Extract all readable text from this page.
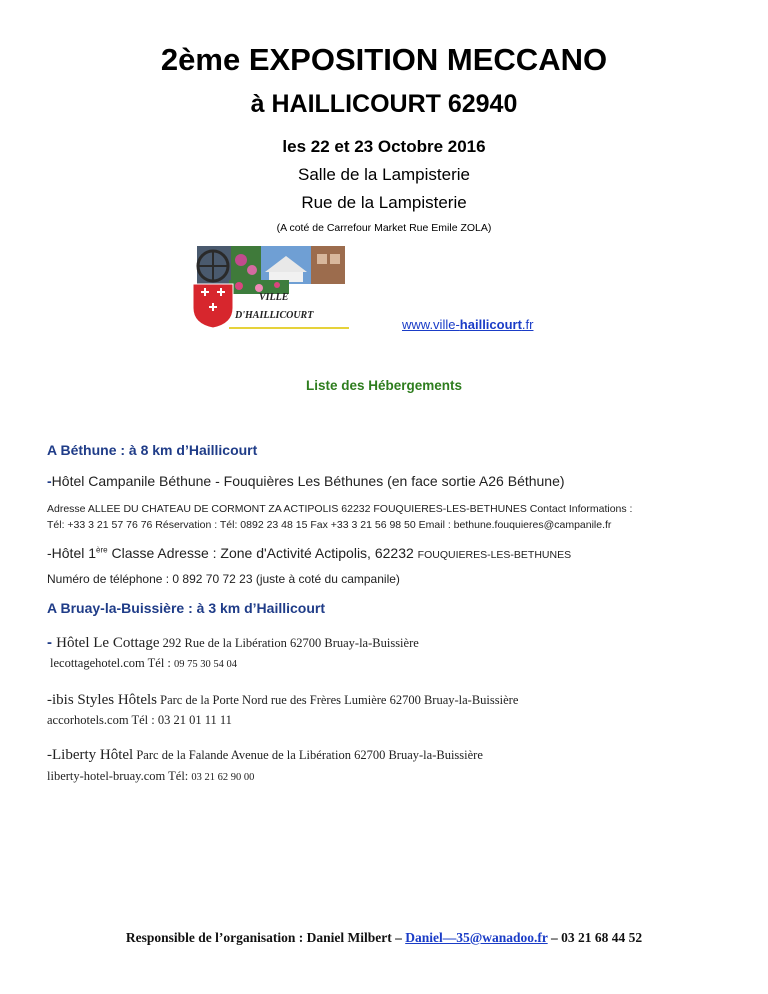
2ème EXPOSITION MECCANO
à HAILLICOURT 62940
les 22 et 23 Octobre 2016
Salle de la Lampisterie
Rue de la Lampisterie
(A coté de Carrefour Market Rue Emile ZOLA)
VILLE
D'HAILLICOURT
www.ville-haillicourt.fr
Liste des Hébergements
A Béthune : à 8 km d’Haillicourt
-Hôtel Campanile Béthune - Fouquières Les Béthunes (en face sortie A26 Béthune)
Adresse ALLEE DU CHATEAU DE CORMONT ZA ACTIPOLIS 62232 FOUQUIERES-LES-BETHUNES Contact Informations :
Tél: +33 3 21 57 76 76 Réservation : Tél: 0892 23 48 15 Fax +33 3 21 56 98 50 Email : bethune.fouquieres@campanile.fr
-Hôtel 1ère Classe Adresse : Zone d'Activité Actipolis, 62232 FOUQUIERES-LES-BETHUNES
Numéro de téléphone : 0 892 70 72 23 (juste à coté du campanile)
A Bruay-la-Buissière : à 3 km d’Haillicourt
- Hôtel Le Cottage 292 Rue de la Libération 62700 Bruay-la-Buissière
lecottagehotel.com Tél : 09 75 30 54 04
-ibis Styles Hôtels Parc de la Porte Nord rue des Frères Lumière 62700 Bruay-la-Buissière
accorhotels.com Tél : 03 21 01 11 11
-Liberty Hôtel Parc de la Falande Avenue de la Libération 62700 Bruay-la-Buissière
liberty-hotel-bruay.com Tél: 03 21 62 90 00
Responsible de l’organisation : Daniel Milbert – Daniel—35@wanadoo.fr – 03 21 68 44 52
